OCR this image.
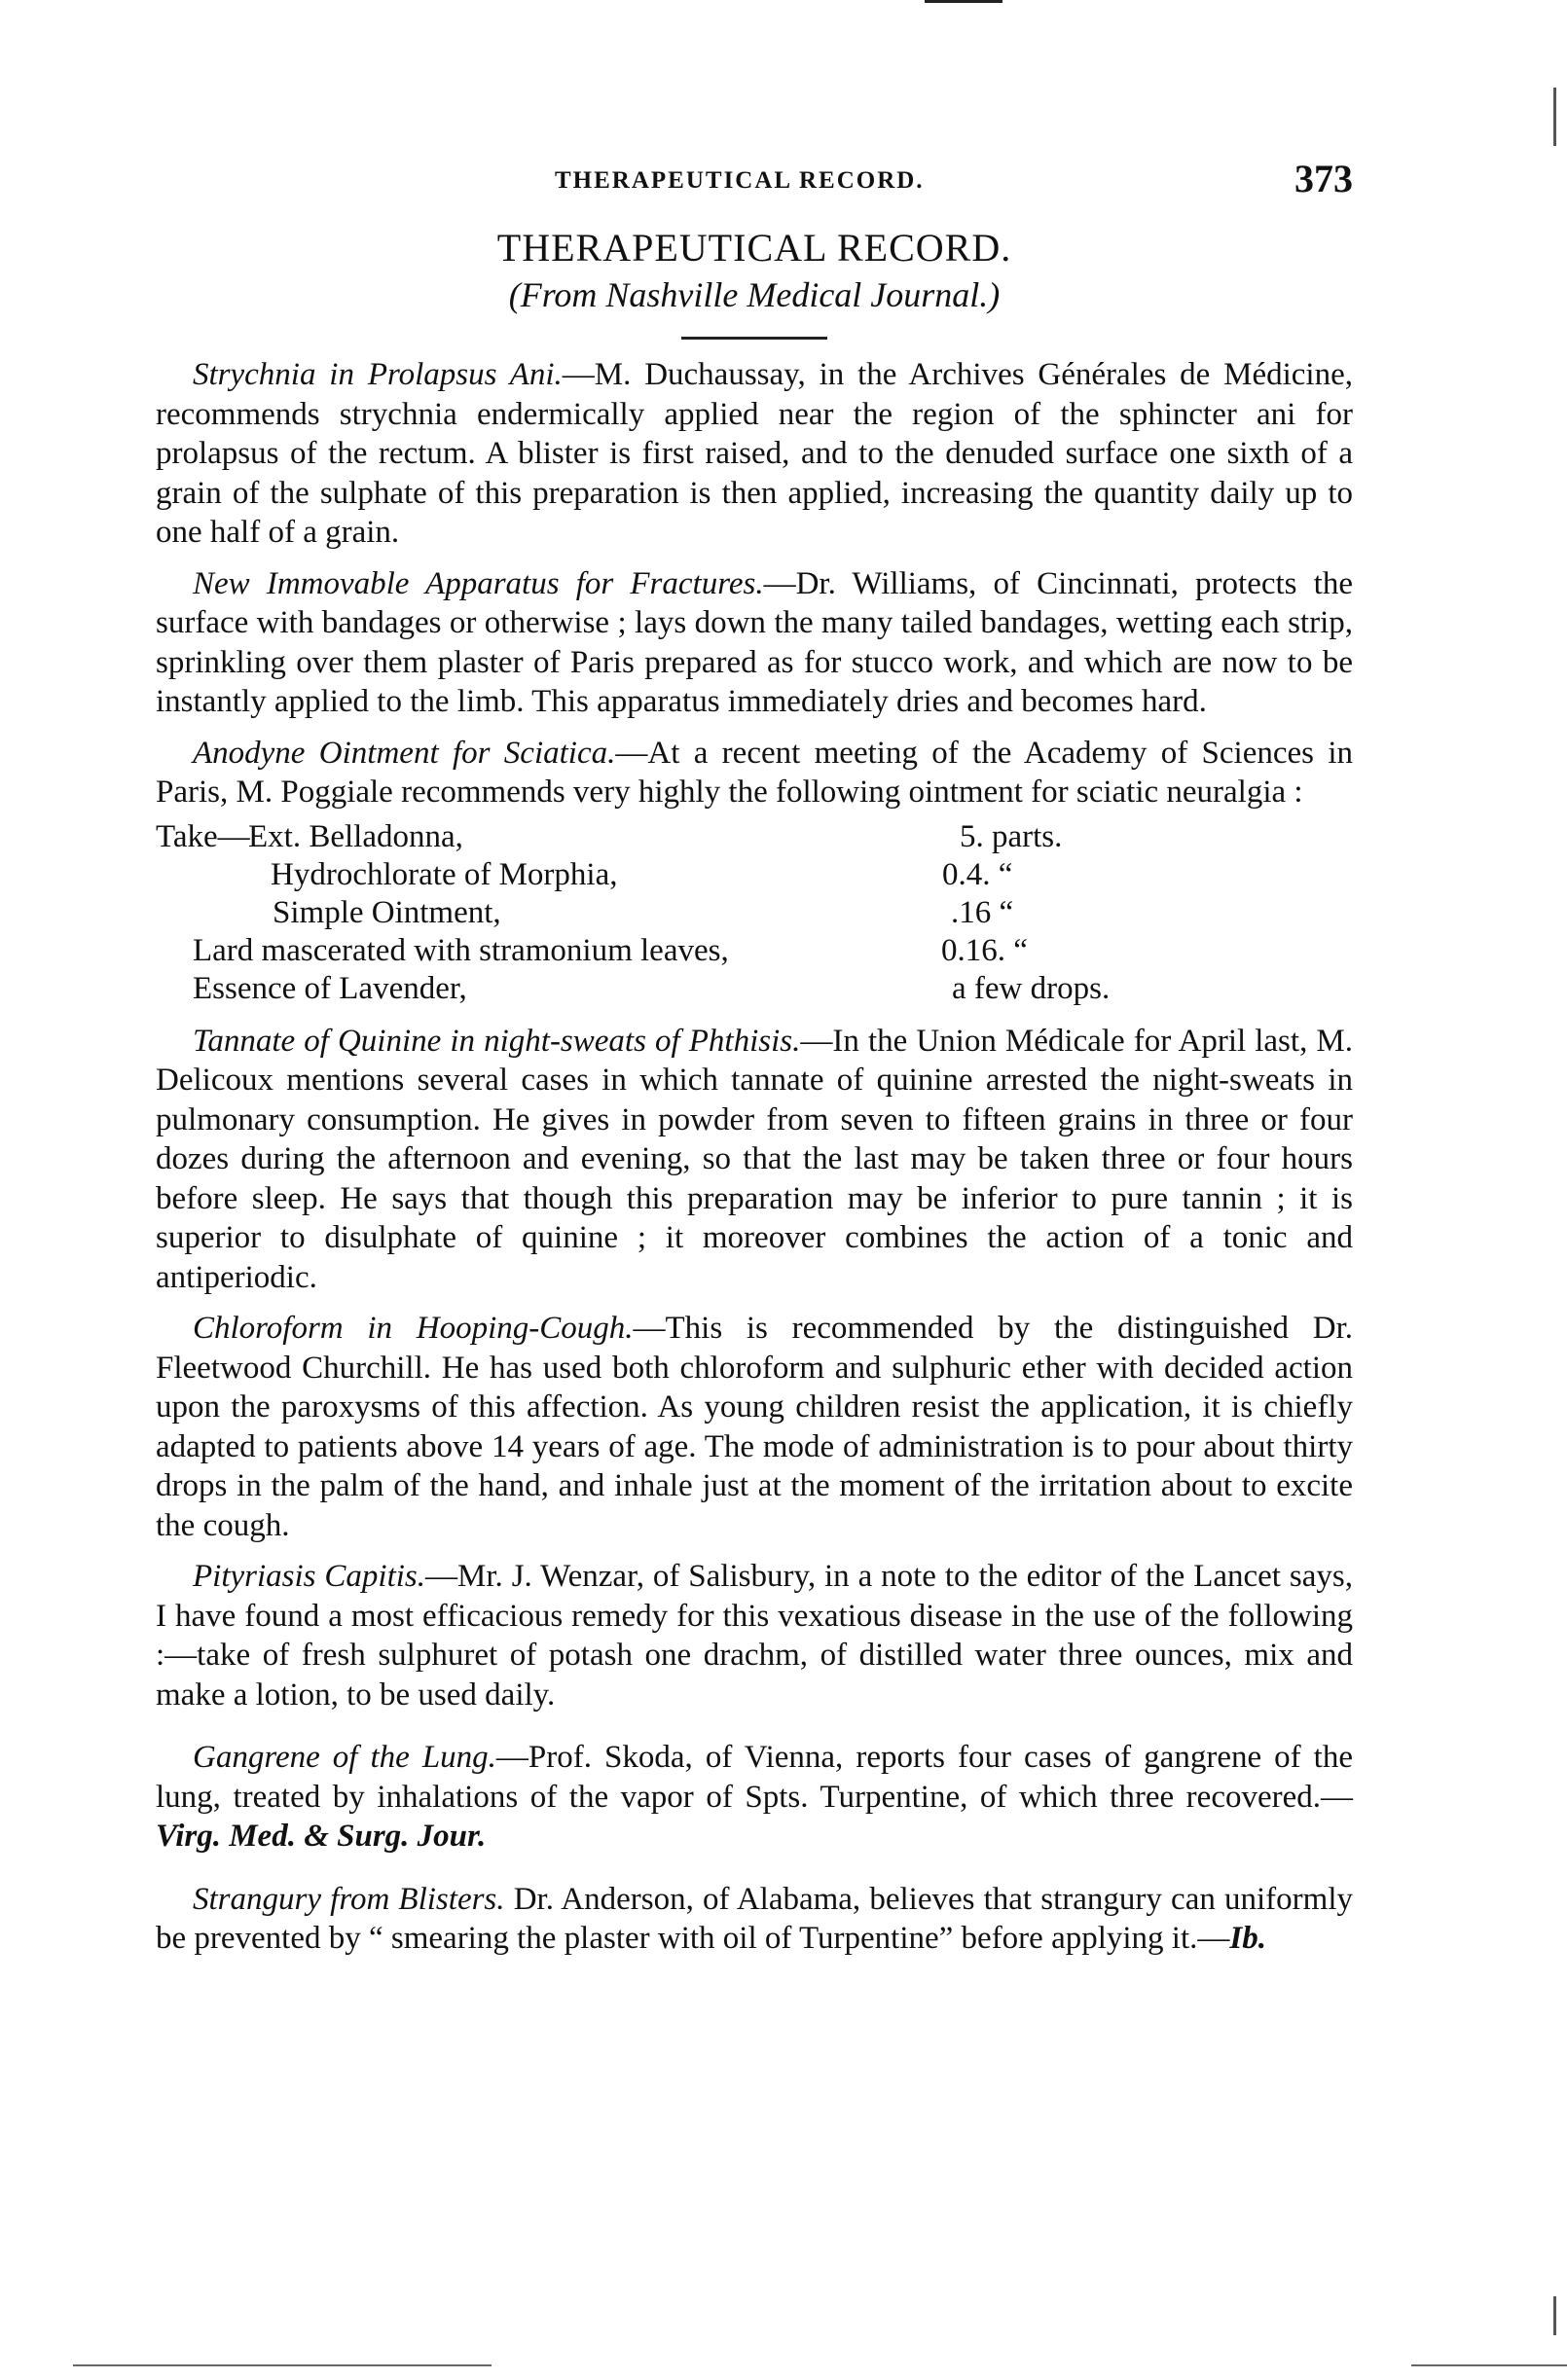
THERAPEUTICAL RECORD.	373
THERAPEUTICAL RECORD.
(From Nashville Medical Journal.)

Strychnia in Prolapsus Ani.—M. Duchaussay, in the Archives Générales de Médicine, recommends strychnia endermically applied near the region of the sphincter ani for prolapsus of the rectum. A blister is first raised, and to the denuded surface one sixth of a grain of the sulphate of this preparation is then applied, increasing the quantity daily up to one half of a grain.

New Immovable Apparatus for Fractures.—Dr. Williams, of Cincinnati, protects the surface with bandages or otherwise ; lays down the many tailed bandages, wetting each strip, sprinkling over them plaster of Paris prepared as for stucco work, and which are now to be instantly applied to the limb. This apparatus immediately dries and becomes hard.

Anodyne Ointment for Sciatica.—At a recent meeting of the Academy of Sciences in Paris, M. Poggiale recommends very highly the following ointment for sciatic neuralgia :

Take—
Ext. Belladonna,	5. parts.
Hydrochlorate of Morphia,	0.4. “
Simple Ointment,	.16 “
Lard mascerated with stramonium leaves,	0.16. “
Essence of Lavender,	a few drops.

Tannate of Quinine in night-sweats of Phthisis.—In the Union Médicale for April last, M. Delicoux mentions several cases in which tannate of quinine arrested the night-sweats in pulmonary consumption. He gives in powder from seven to fifteen grains in three or four dozes during the afternoon and evening, so that the last may be taken three or four hours before sleep. He says that though this preparation may be inferior to pure tannin ; it is superior to disulphate of quinine ; it moreover combines the action of a tonic and antiperiodic.

Chloroform in Hooping-Cough.—This is recommended by the distinguished Dr. Fleetwood Churchill. He has used both chloroform and sulphuric ether with decided action upon the paroxysms of this affection. As young children resist the application, it is chiefly adapted to patients above 14 years of age. The mode of administration is to pour about thirty drops in the palm of the hand, and inhale just at the moment of the irritation about to excite the cough.

Pityriasis Capitis.—Mr. J. Wenzar, of Salisbury, in a note to the editor of the Lancet says, I have found a most efficacious remedy for this vexatious disease in the use of the following :—take of fresh sulphuret of potash one drachm, of distilled water three ounces, mix and make a lotion, to be used daily.

Gangrene of the Lung.—Prof. Skoda, of Vienna, reports four cases of gangrene of the lung, treated by inhalations of the vapor of Spts. Turpentine, of which three recovered.—Virg. Med. & Surg. Jour.

Strangury from Blisters. Dr. Anderson, of Alabama, believes that strangury can uniformly be prevented by “ smearing the plaster with oil of Turpentine” before applying it.—Ib.
